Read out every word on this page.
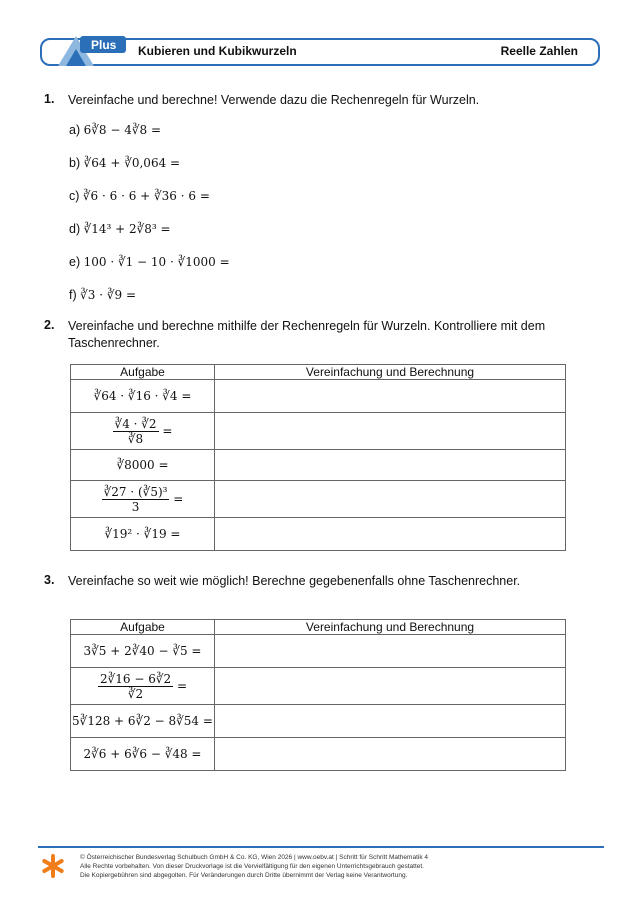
Plus Kubieren und Kubikwurzeln	Reelle Zahlen
1. Vereinfache und berechne! Verwende dazu die Rechenregeln für Wurzeln.
a) 6∛8 − 4∛8 =
b) ∛64 + ∛0,064 =
c) ∛6 · 6 · 6 + ∛36 · 6 =
d) ∛14³ + 2∛8³ =
e) 100 · ∛1 − 10 · ∛1000 =
f) ∛3 · ∛9 =
2. Vereinfache und berechne mithilfe der Rechenregeln für Wurzeln. Kontrolliere mit dem Taschenrechner.
Aufgabe	Vereinfachung und Berechnung
∛64 · ∛16 · ∛4 =	

$\frac{∛4 \cdot ∛2}{∛8}$ =	
∛8000 =	

$\frac{\text{∛27 · (∛5)³}}{3}$ =	
∛19² · ∛19 =	
3. Vereinfache so weit wie möglich! Berechne gegebenenfalls ohne Taschenrechner.
Aufgabe	Vereinfachung und Berechnung
3∛5 + 2∛40 − ∛5 =	

$\frac{2∛16 - 6∛2}{∛2}$ =	
5∛128 + 6∛2 − 8∛54 =	
2∛6 + 6∛6 − ∛48 =	
© Österreichischer Bundesverlag Schulbuch GmbH & Co. KG, Wien 2026 | www.oebv.at | Schritt für Schritt Mathematik 4
Alle Rechte vorbehalten. Von dieser Druckvorlage ist die Vervielfältigung für den eigenen Unterrichtsgebrauch gestattet.
Die Kopiergebühren sind abgegolten. Für Veränderungen durch Dritte übernimmt der Verlag keine Verantwortung.
